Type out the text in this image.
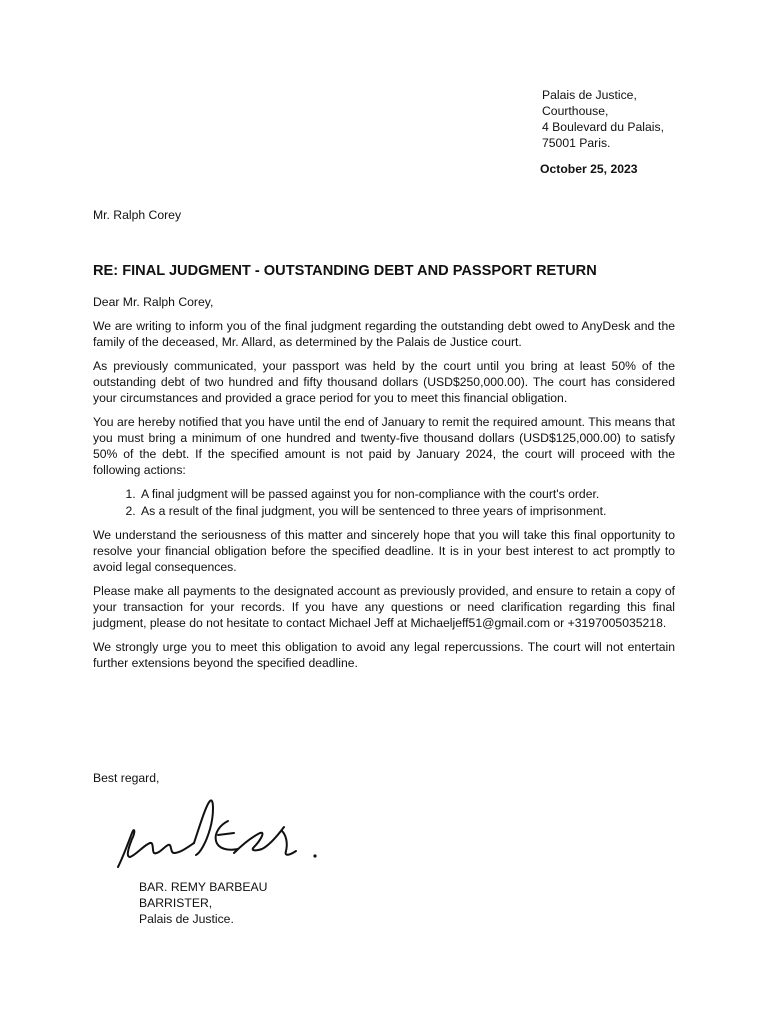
Palais de Justice,
Courthouse,
4 Boulevard du Palais,
75001 Paris.
October 25, 2023
Mr. Ralph Corey
RE: FINAL JUDGMENT - OUTSTANDING DEBT AND PASSPORT RETURN

Dear Mr. Ralph Corey,

We are writing to inform you of the final judgment regarding the outstanding debt owed to AnyDesk and the family of the deceased, Mr. Allard, as determined by the Palais de Justice court.

As previously communicated, your passport was held by the court until you bring at least 50% of the outstanding debt of two hundred and fifty thousand dollars (USD$250,000.00). The court has considered your circumstances and provided a grace period for you to meet this financial obligation.

You are hereby notified that you have until the end of January to remit the required amount. This means that you must bring a minimum of one hundred and twenty-five thousand dollars (USD$125,000.00) to satisfy 50% of the debt. If the specified amount is not paid by January 2024, the court will proceed with the following actions:

1. A final judgment will be passed against you for non-compliance with the court's order.
2. As a result of the final judgment, you will be sentenced to three years of imprisonment.

We understand the seriousness of this matter and sincerely hope that you will take this final opportunity to resolve your financial obligation before the specified deadline. It is in your best interest to act promptly to avoid legal consequences.

Please make all payments to the designated account as previously provided, and ensure to retain a copy of your transaction for your records. If you have any questions or need clarification regarding this final judgment, please do not hesitate to contact Michael Jeff at Michaeljeff51@gmail.com or +3197005035218.

We strongly urge you to meet this obligation to avoid any legal repercussions. The court will not entertain further extensions beyond the specified deadline.

Best regard,
BAR. REMY BARBEAU
BARRISTER,
Palais de Justice.
